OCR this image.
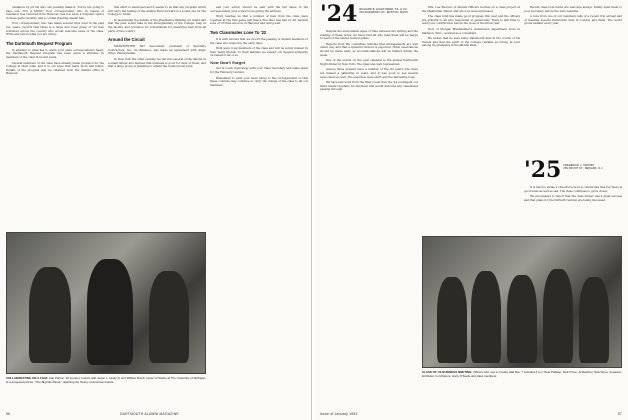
unsilence by pit rat who can possibly make it. You're not going to have one. IT'S A MUST! Your correspondent, who by reason of residence has removed from Hanover, has not been a frequent visitor in these parts recently, and a cordial greeting awaits him.

Your correspondent, who has taken several trips west in the past two years, reports that there is a large and loyal group of '23 men scattered across the country who would welcome news of the class. Write and tell us what you are doing.

The Dartmouth Bequest Program

In addition to what has to warm your class correspondent's heart, the Dartmouth Bequest Program has been given a stimulus by members of the class in recent years.

Several members of the class have already made provision for the College in their wills, and it is our hope that many more will follow. Details of the program may be obtained from the Alumni office in Hanover.

this effort is developed and it seems to us that any program which will carry the feeling of the Alumni Fund forward is a sound one for the College to foster.

In mentioning the details of the President's thinking we might add that the plan would take in the strengthening of the College, help in the faculty, and provision for scholarships for deserving men from all parts of the country.

Around the Circuit

MANCHESTER Tat? Associated, president of Specialty Contractors, Inc., Inc.Reliance, has made an agreement with Anglo Grips, Pennsylvania.

In New York the other evening we ran into several of the fellows at a small dinner and learned that business is good for most of them, and that a large group is planning to attend the reunion next June.

and your editor, should be sent with the full name of the correspondent, plus a short note giving the address.

Word reaches us that a number of men from the class were together at the Yale game and that a fine time was had by all. Several sons of '23 men are now in Hanover and doing well.

Two Classmates Lose To '22

It is with sincere that we record the passing of Alumni members of the class who helped in the early days.

Both were loyal members of the class and will be sorely missed by their many friends. To their families we extend our deepest sympathy on behalf of all of us.

Now Don't Forget

Get in touch right away with your Class Secretary and make plans for the February reunion.

Remember to send your news along to the correspondent so that these columns may continue to carry the doings of the class to all our members.

COLLABORATING ON A FILM: Cap Palmer '23 (center) confers with Jesse L. Lasky (l) and William Bondl, owner of Studio at The University of Michigan, at a proposed picture, "The Big Dam Bend," depicting the history of American bands.
56	DARTMOUTH ALUMNI MAGAZINE
'24 RICHARD B. HIGHTOWER, KS. & CO.
230 MARLBORO ST., BOSTON, MASS.

Despite the unavoidable lapse of time between the writing and the reading of these notes, we know that all who read them will be happy to learn of the winter reunion plans.

Reports from the committee indicate that arrangements are well under way and that a splendid turnout is expected. Hotel reservations should be made early, as accommodations will be limited during the week.

One of the events on the year calendar is the annual Dartmouth Night dinner in New York. The class was well represented.

Among those present were a number of the old guard who have not missed a gathering in years, and it was good to see several newcomers as well. The speeches were short and the fellowship long.

We have had word from the West Coast that the '24 contingent out there meets regularly for luncheon and would welcome any classmates passing through.

Mrs. Lee Buscaro of Alumni Officers worked on a class project at the Manhattan dinner, and all of us were impressed.

The class fund has made good progress this year and the officers are grateful to all who responded so generously. There is still time to send your contribution before the close of the fiscal year.

Now of Morgan Mannheimer's well-known department store in Madison, Wisc., worked as a consultant.

He writes that he sees many Dartmouth men in the course of his travels and that the spirit of the College remains as strong as ever among its graduates in the Middle West.

Recent class note items are welcome always. Kindly send them to your secretary before the next deadline.

A note from one of our members tells of a recent trip abroad and of meeting several Dartmouth men in London and Paris. The world grows smaller every year.

'25 FREDERICK J. CROSBY
259 FRONT ST., NEWARK, N.J.

It is hard to strike a cheerful note in a column like this but there is good news as well as sad. The class continues to grow closer.

We are pleased to report that the class dinner was a great success and that plans for the thirtieth reunion are being discussed.

CLASS OF '23 BUSINESS MEETING: Officers who met in Crosby Hall Nov. 7 included (l to r) Pete Pallister, Nick Prime, Al Raschel, Nick Wynn, treasurer; Ed Reiter, Ford Moore, Harry O'Keefe and class members.
Issue of January 1953	57
